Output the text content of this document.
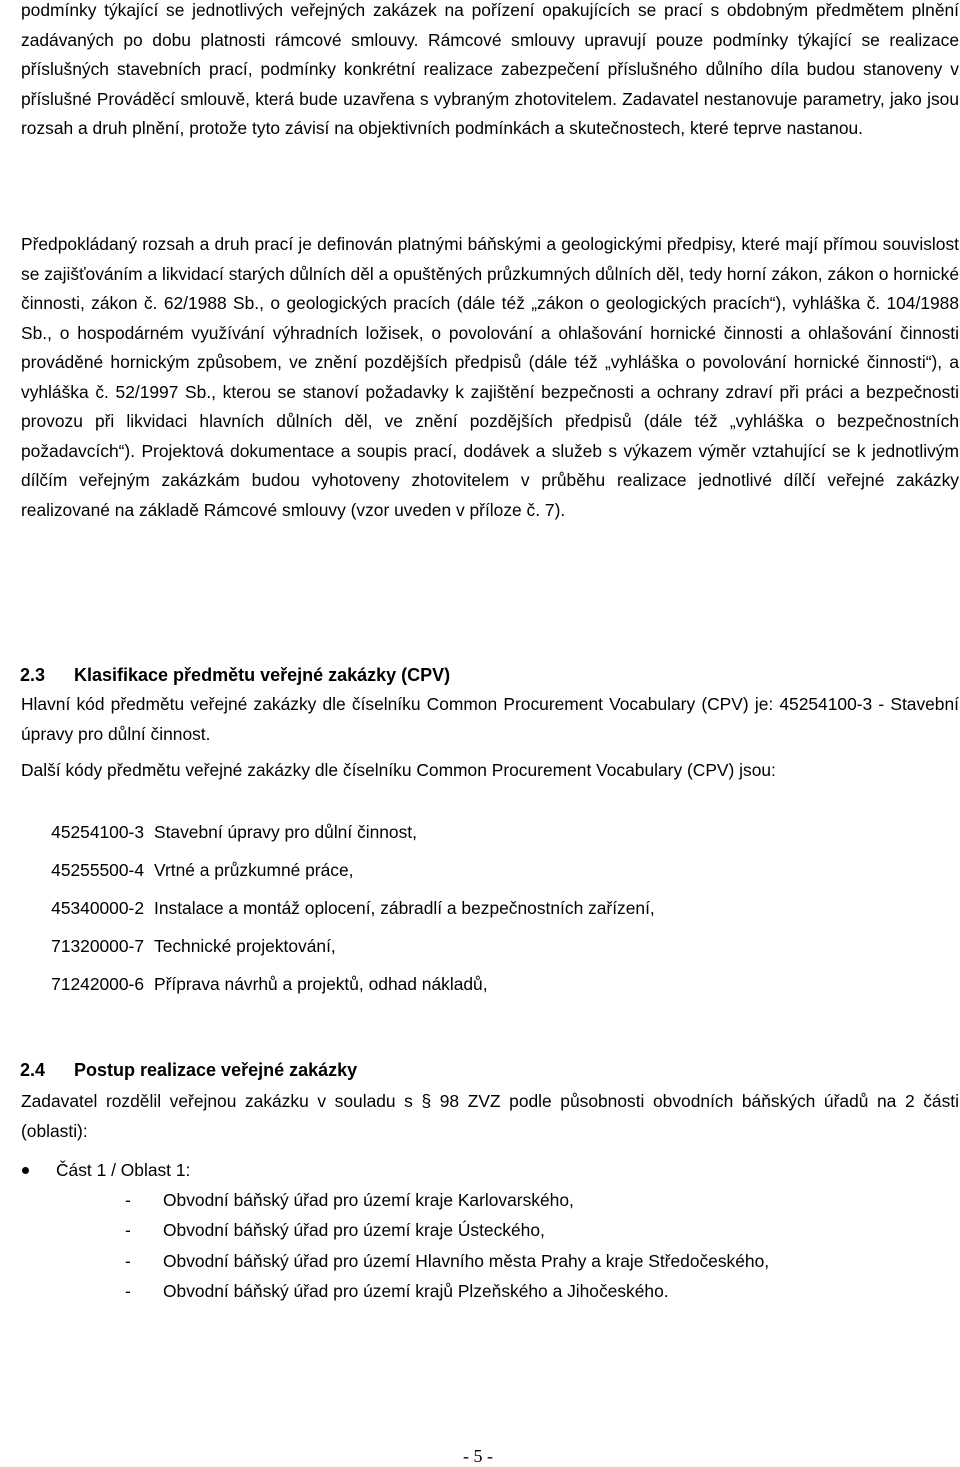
podmínky týkající se jednotlivých veřejných zakázek na pořízení opakujících se prací s obdobným předmětem plnění zadávaných po dobu platnosti rámcové smlouvy. Rámcové smlouvy upravují pouze podmínky týkající se realizace příslušných stavebních prací, podmínky konkrétní realizace zabezpečení příslušného důlního díla budou stanoveny v příslušné Prováděcí smlouvě, která bude uzavřena s vybraným zhotovitelem. Zadavatel nestanovuje parametry, jako jsou rozsah a druh plnění, protože tyto závisí na objektivních podmínkách a skutečnostech, které teprve nastanou.

Předpokládaný rozsah a druh prací je definován platnými báňskými a geologickými předpisy, které mají přímou souvislost se zajišťováním a likvidací starých důlních děl a opuštěných průzkumných důlních děl, tedy horní zákon, zákon o hornické činnosti, zákon č. 62/1988 Sb., o geologických pracích (dále též „zákon o geologických pracích“), vyhláška č. 104/1988 Sb., o hospodárném využívání výhradních ložisek, o povolování a ohlašování hornické činnosti a ohlašování činnosti prováděné hornickým způsobem, ve znění pozdějších předpisů (dále též „vyhláška o povolování hornické činnosti“), a vyhláška č. 52/1997 Sb., kterou se stanoví požadavky k zajištění bezpečnosti a ochrany zdraví při práci a bezpečnosti provozu při likvidaci hlavních důlních děl, ve znění pozdějších předpisů (dále též „vyhláška o bezpečnostních požadavcích“). Projektová dokumentace a soupis prací, dodávek a služeb s výkazem výměr vztahující se k jednotlivým dílčím veřejným zakázkám budou vyhotoveny zhotovitelem v průběhu realizace jednotlivé dílčí veřejné zakázky realizované na základě Rámcové smlouvy (vzor uveden v příloze č. 7).

2.3 Klasifikace předmětu veřejné zakázky (CPV)

Hlavní kód předmětu veřejné zakázky dle číselníku Common Procurement Vocabulary (CPV) je: 45254100-3 - Stavební úpravy pro důlní činnost.

Další kódy předmětu veřejné zakázky dle číselníku Common Procurement Vocabulary (CPV) jsou:

45254100-3 Stavební úpravy pro důlní činnost,
45255500-4 Vrtné a průzkumné práce,
45340000-2 Instalace a montáž oplocení, zábradlí a bezpečnostních zařízení,
71320000-7 Technické projektování,
71242000-6 Příprava návrhů a projektů, odhad nákladů,
2.4 Postup realizace veřejné zakázky

Zadavatel rozdělil veřejnou zakázku v souladu s § 98 ZVZ podle působnosti obvodních báňských úřadů na 2 části (oblasti):

Část 1 / Oblast 1:
- Obvodní báňský úřad pro území kraje Karlovarského,
- Obvodní báňský úřad pro území kraje Ústeckého,
- Obvodní báňský úřad pro území Hlavního města Prahy a kraje Středočeského,
- Obvodní báňský úřad pro území krajů Plzeňského a Jihočeského.
- 5 -
